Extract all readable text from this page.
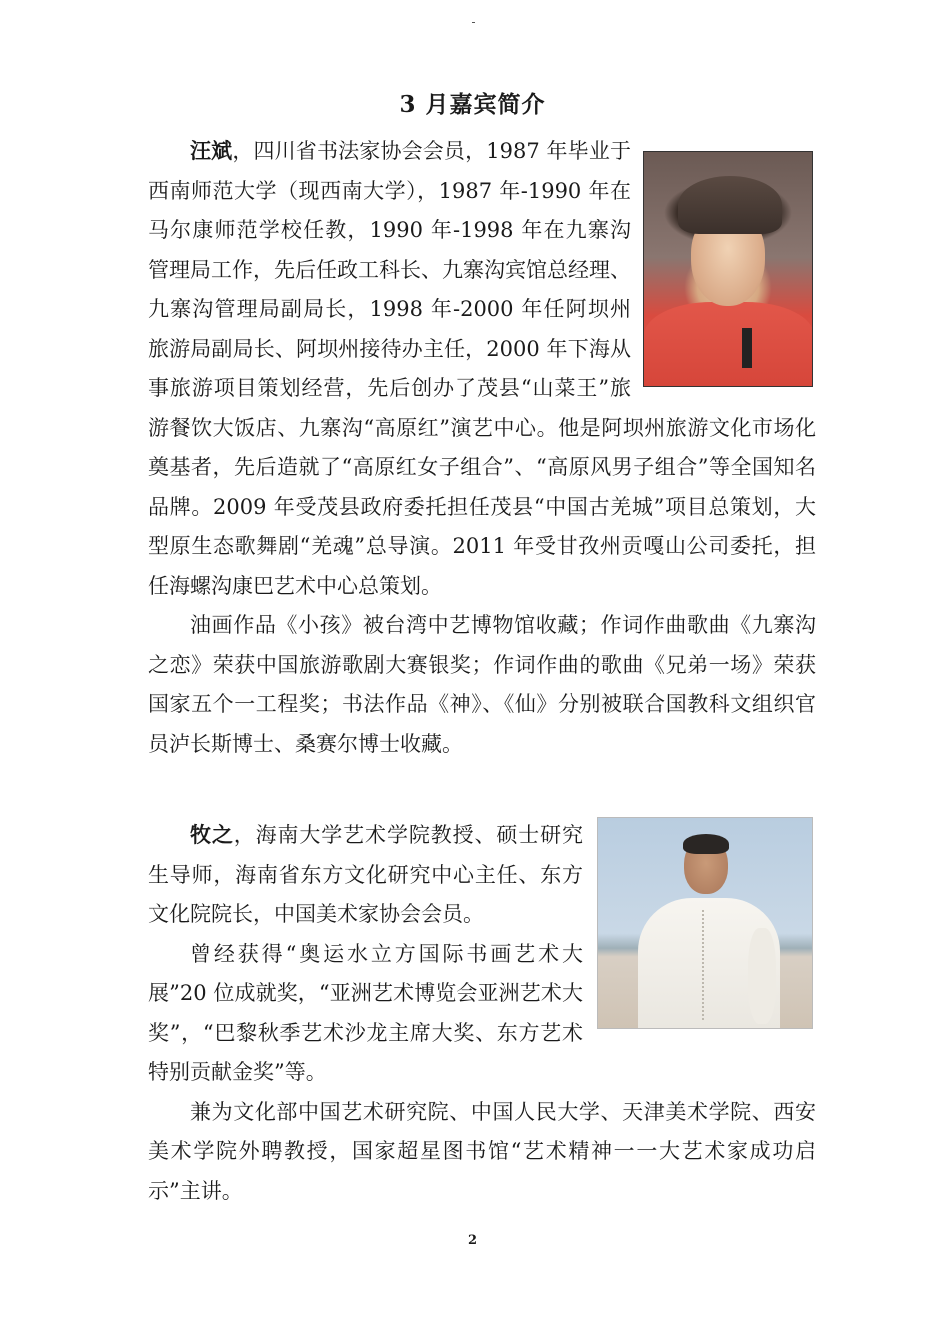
3 月嘉宾简介

汪斌，四川省书法家协会会员，1987 年毕业于西南师范大学（现西南大学），1987 年-1990 年在马尔康师范学校任教，1990 年-1998 年在九寨沟管理局工作，先后任政工科长、九寨沟宾馆总经理、九寨沟管理局副局长，1998 年-2000 年任阿坝州旅游局副局长、阿坝州接待办主任，2000 年下海从事旅游项目策划经营，先后创办了茂县“山菜王”旅游餐饮大饭店、九寨沟“高原红”演艺中心。他是阿坝州旅游文化市场化奠基者，先后造就了“高原红女子组合”、“高原风男子组合”等全国知名品牌。2009 年受茂县政府委托担任茂县“中国古羌城”项目总策划，大型原生态歌舞剧“羌魂”总导演。2011 年受甘孜州贡嘎山公司委托，担任海螺沟康巴艺术中心总策划。

油画作品《小孩》被台湾中艺博物馆收藏；作词作曲歌曲《九寨沟之恋》荣获中国旅游歌剧大赛银奖；作词作曲的歌曲《兄弟一场》荣获国家五个一工程奖；书法作品《神》、《仙》分别被联合国教科文组织官员泸长斯博士、桑赛尔博士收藏。

牧之，海南大学艺术学院教授、硕士研究生导师，海南省东方文化研究中心主任、东方文化院院长，中国美术家协会会员。

曾经获得“奥运水立方国际书画艺术大展”20 位成就奖，“亚洲艺术博览会亚洲艺术大奖”，“巴黎秋季艺术沙龙主席大奖、东方艺术特别贡献金奖”等。

兼为文化部中国艺术研究院、中国人民大学、天津美术学院、西安美术学院外聘教授，国家超星图书馆“艺术精神一一大艺术家成功启示”主讲。

2
